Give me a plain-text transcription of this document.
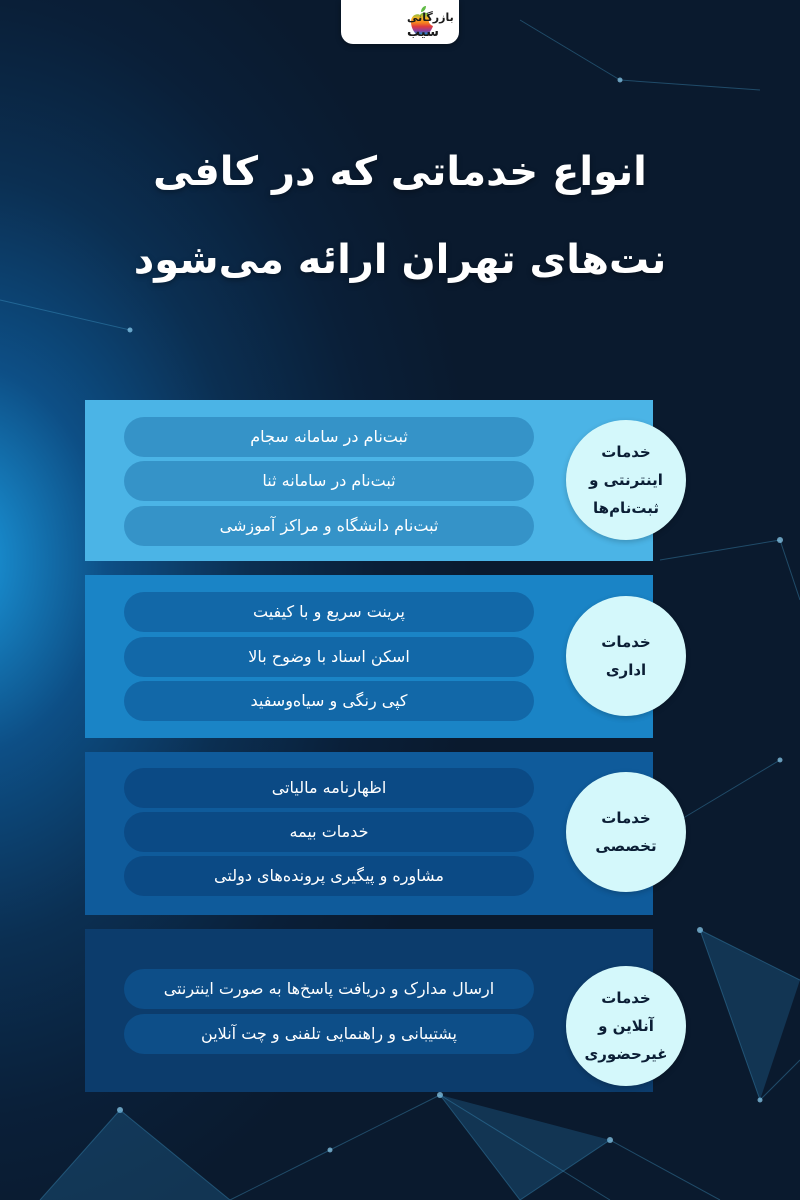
بازرگانی
سیب
انواع خدماتی که در کافی
نت‌های تهران ارائه می‌شود
ثبت‌نام در سامانه سجام
ثبت‌نام در سامانه ثنا
ثبت‌نام دانشگاه و مراکز آموزشی
خدمات
اینترنتی و
ثبت‌نام‌ها
پرینت سریع و با کیفیت
اسکن اسناد با وضوح بالا
کپی رنگی و سیاه‌وسفید
خدمات
اداری
اظهارنامه مالیاتی
خدمات بیمه
مشاوره و پیگیری پرونده‌های دولتی
خدمات
تخصصی
ارسال مدارک و دریافت پاسخ‌ها به صورت اینترنتی
پشتیبانی و راهنمایی تلفنی و چت آنلاین
خدمات
آنلاین و
غیرحضوری
